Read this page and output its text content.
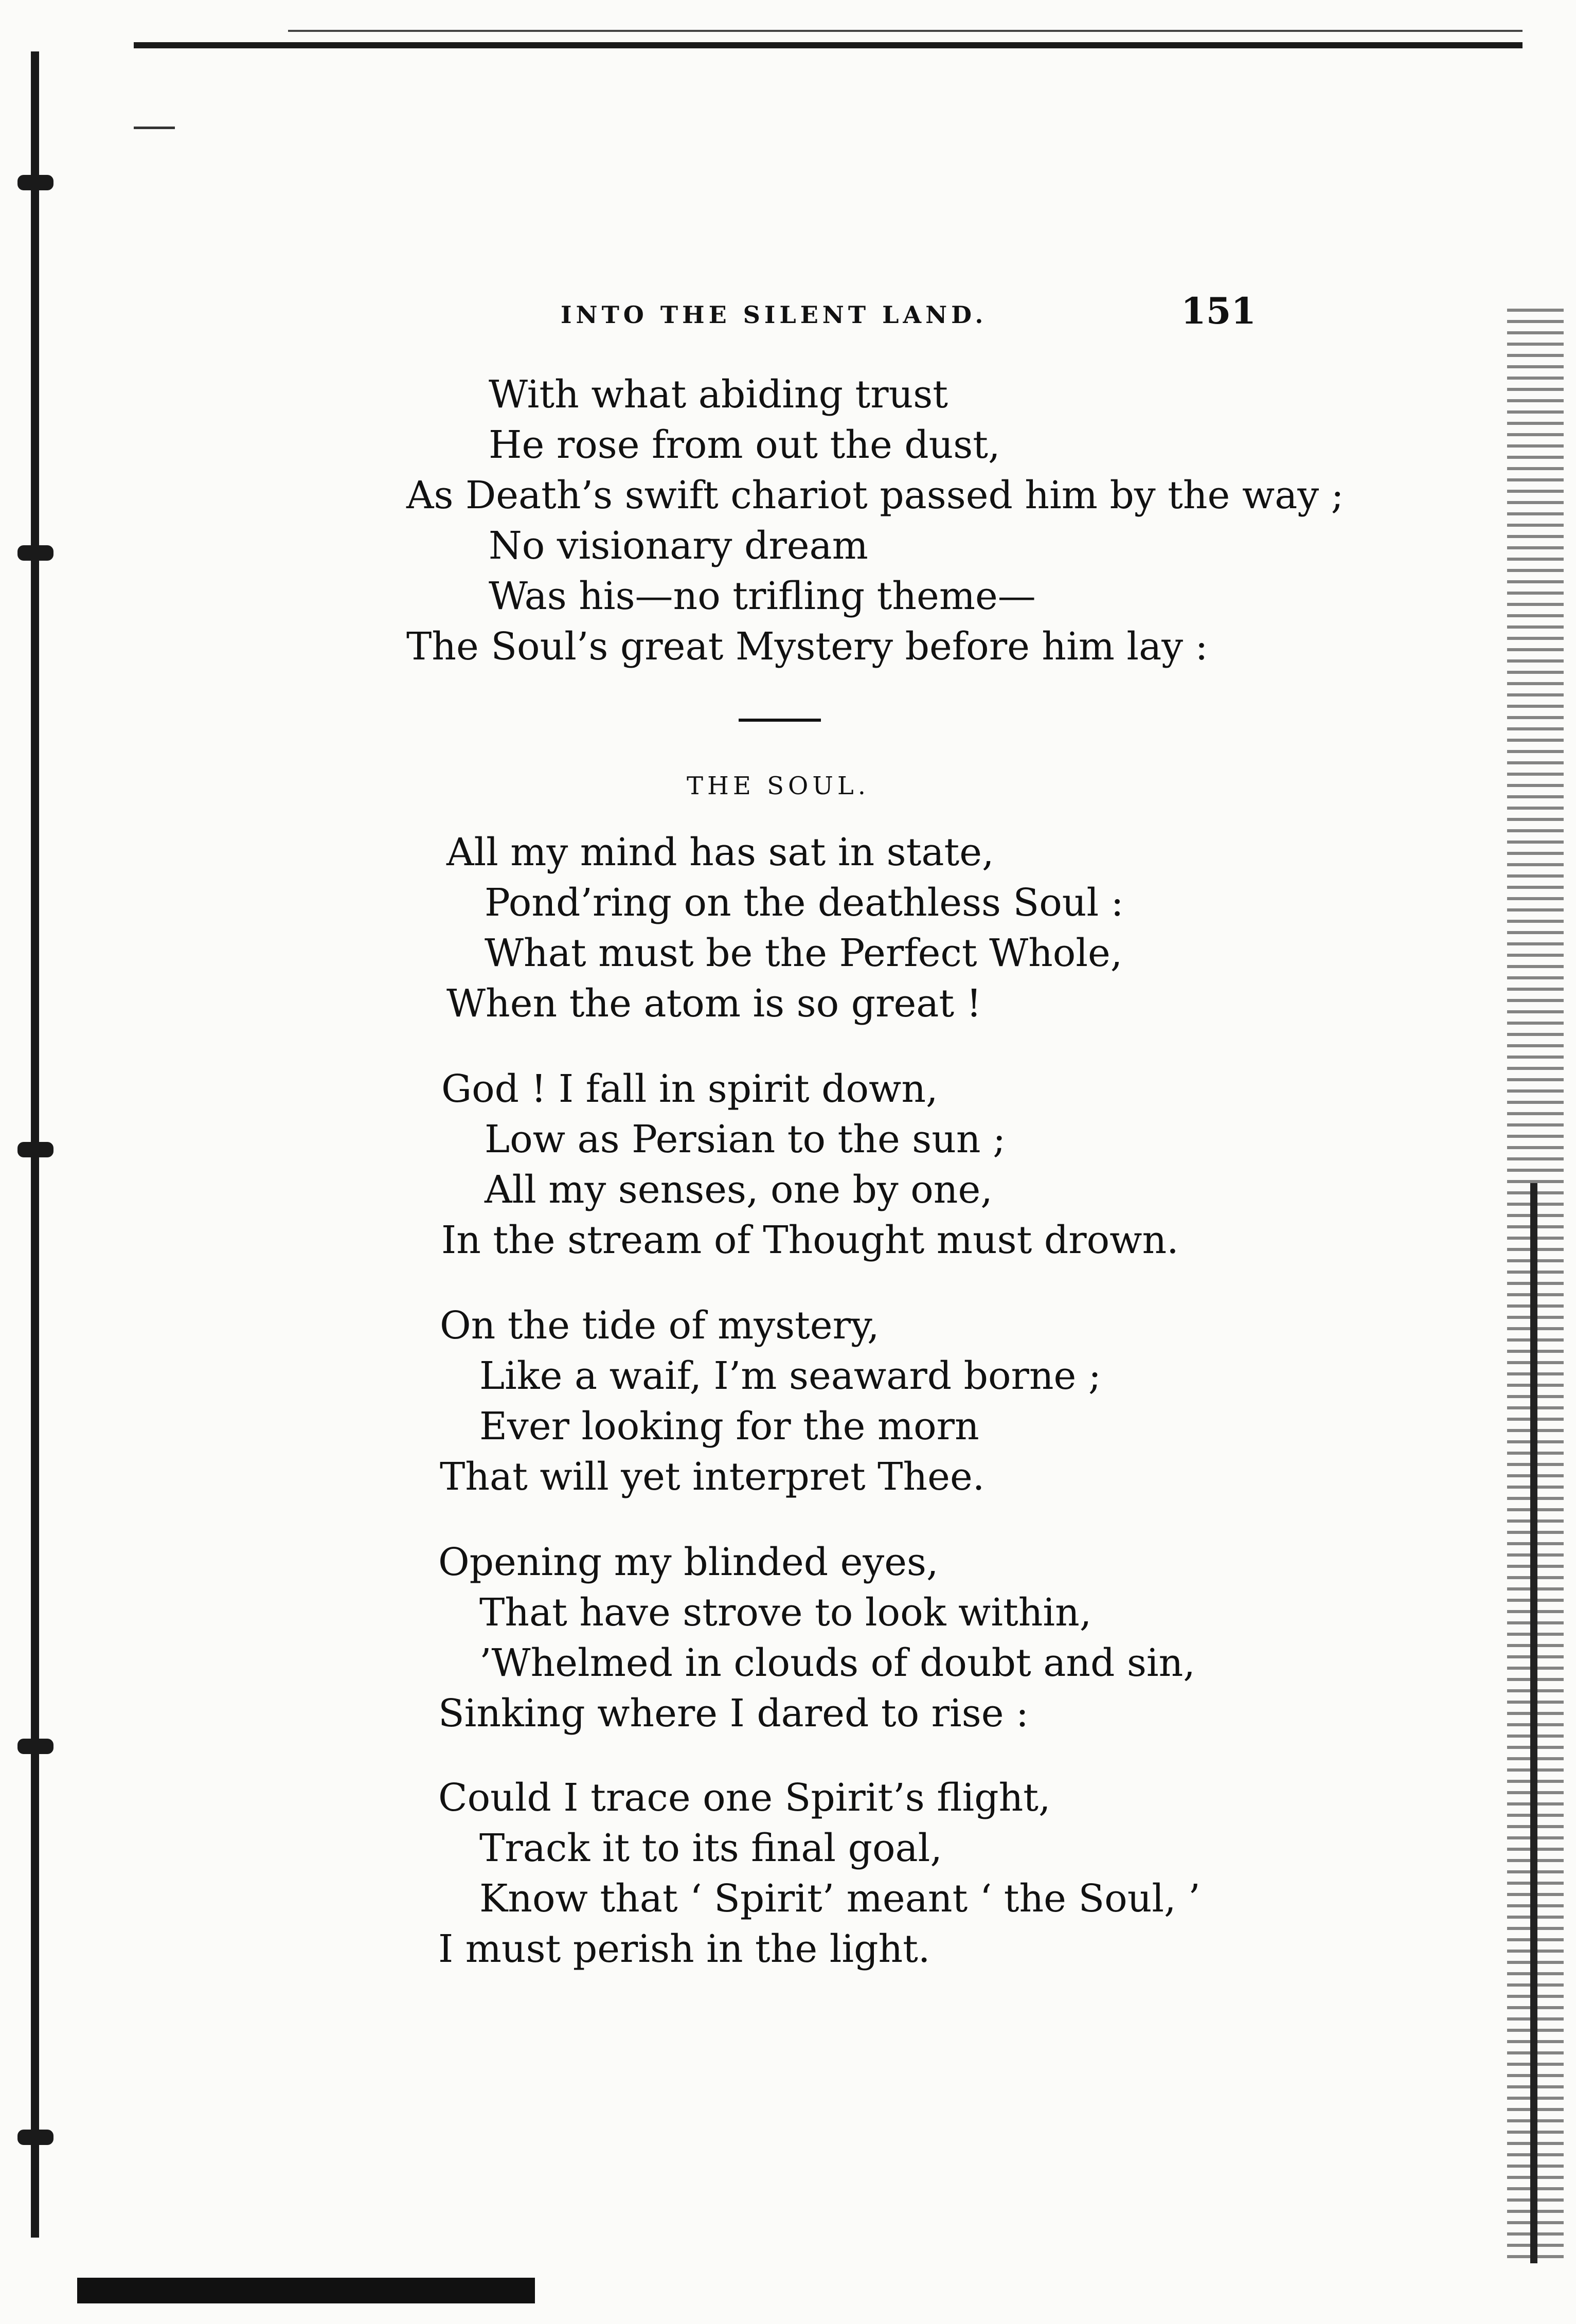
INTO THE SILENT LAND.	151
With what abiding trust
He rose from out the dust,
As Death’s swift chariot passed him by the way ;
No visionary dream
Was his—no trifling theme—
The Soul’s great Mystery before him lay :
THE SOUL.
All my mind has sat in state,
Pond’ring on the deathless Soul :
What must be the Perfect Whole,
When the atom is so great !
God ! I fall in spirit down,
Low as Persian to the sun ;
All my senses, one by one,
In the stream of Thought must drown.
On the tide of mystery,
Like a waif, I’m seaward borne ;
Ever looking for the morn
That will yet interpret Thee.
Opening my blinded eyes,
That have strove to look within,
’Whelmed in clouds of doubt and sin,
Sinking where I dared to rise :
Could I trace one Spirit’s flight,
Track it to its final goal,
Know that ‘ Spirit’ meant ‘ the Soul, ’
I must perish in the light.
